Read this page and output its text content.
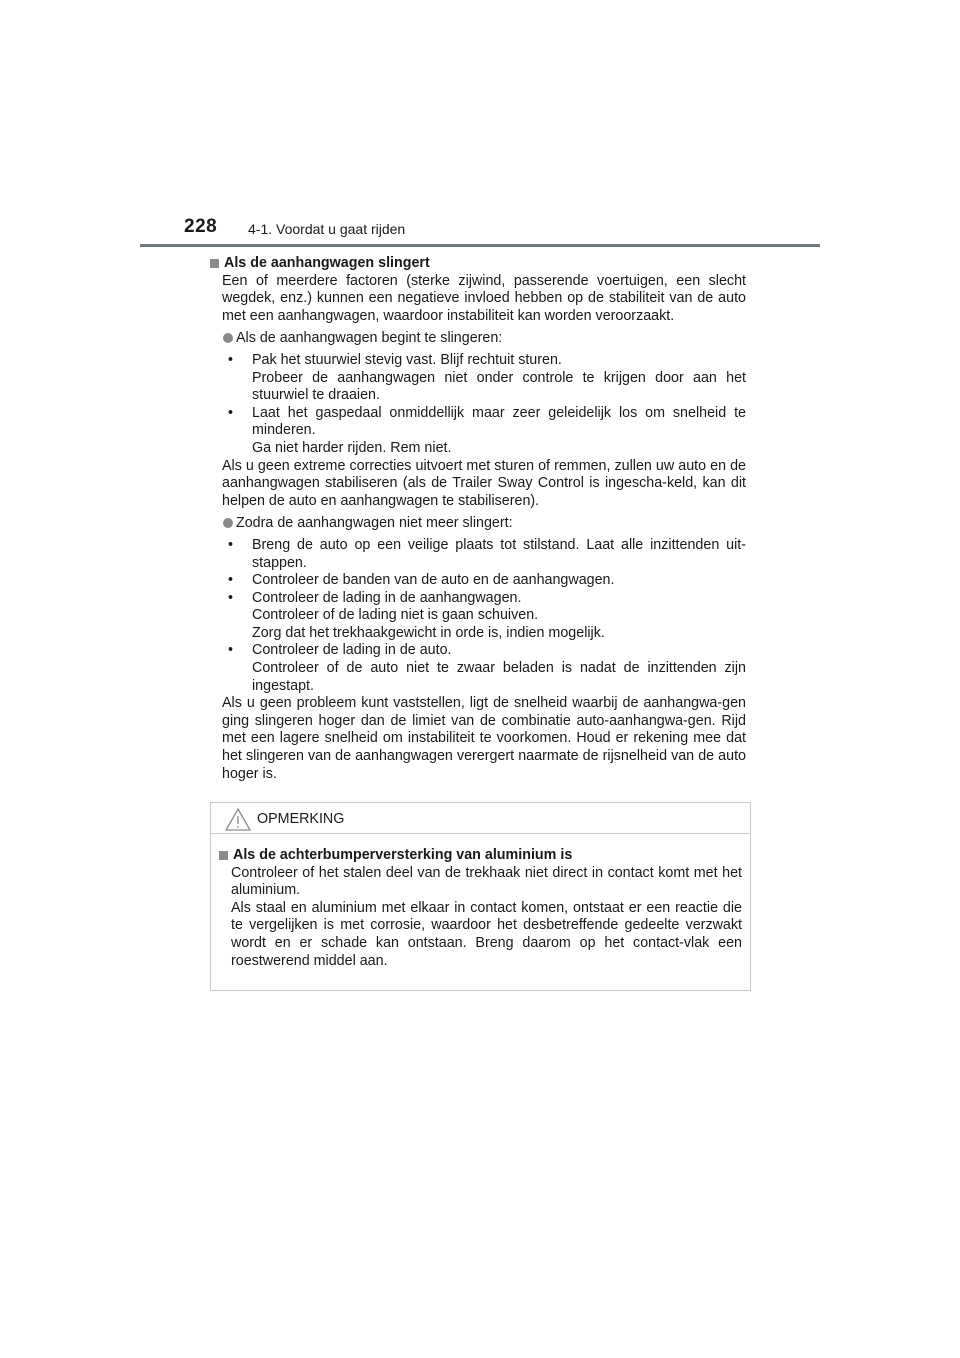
228 4-1. Voordat u gaat rijden

Als de aanhangwagen slingert

Een of meerdere factoren (sterke zijwind, passerende voertuigen, een slecht wegdek, enz.) kunnen een negatieve invloed hebben op de stabiliteit van de auto met een aanhangwagen, waardoor instabiliteit kan worden veroorzaakt.

Als de aanhangwagen begint te slingeren:

• Pak het stuurwiel stevig vast. Blijf rechtuit sturen.

Probeer de aanhangwagen niet onder controle te krijgen door aan het stuurwiel te draaien.

• Laat het gaspedaal onmiddellijk maar zeer geleidelijk los om snelheid te minderen.

Ga niet harder rijden. Rem niet.

Als u geen extreme correcties uitvoert met sturen of remmen, zullen uw auto en de aanhangwagen stabiliseren (als de Trailer Sway Control is ingescha-keld, kan dit helpen de auto en aanhangwagen te stabiliseren).

Zodra de aanhangwagen niet meer slingert:

• Breng de auto op een veilige plaats tot stilstand. Laat alle inzittenden uit-stappen.

• Controleer de banden van de auto en de aanhangwagen.

• Controleer de lading in de aanhangwagen.

Controleer of de lading niet is gaan schuiven.

Zorg dat het trekhaakgewicht in orde is, indien mogelijk.

• Controleer de lading in de auto.

Controleer of de auto niet te zwaar beladen is nadat de inzittenden zijn ingestapt.

Als u geen probleem kunt vaststellen, ligt de snelheid waarbij de aanhangwa-gen ging slingeren hoger dan de limiet van de combinatie auto-aanhangwa-gen. Rijd met een lagere snelheid om instabiliteit te voorkomen. Houd er rekening mee dat het slingeren van de aanhangwagen verergert naarmate de rijsnelheid van de auto hoger is.

OPMERKING

Als de achterbumperversterking van aluminium is

Controleer of het stalen deel van de trekhaak niet direct in contact komt met het aluminium.

Als staal en aluminium met elkaar in contact komen, ontstaat er een reactie die te vergelijken is met corrosie, waardoor het desbetreffende gedeelte verzwakt wordt en er schade kan ontstaan. Breng daarom op het contact-vlak een roestwerend middel aan.
